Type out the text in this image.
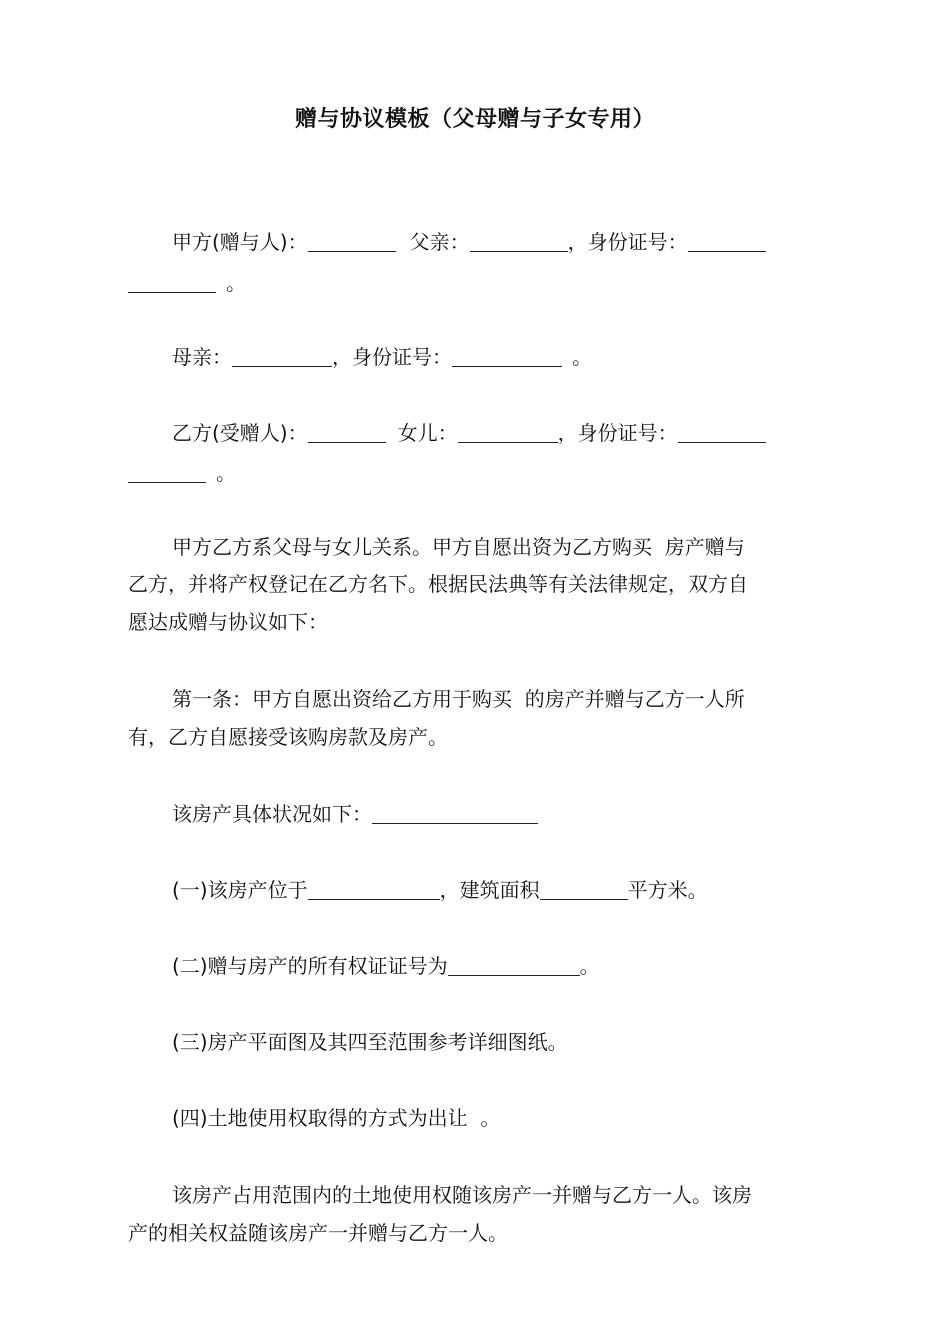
赠与协议模板（父母赠与子女专用）
甲方(赠与人)：	父亲：	，身份证号：
。
母亲：	，身份证号：	。
乙方(受赠人)：	女儿：	，身份证号：
。
甲方乙方系父母与女儿关系。甲方自愿出资为乙方购买  房产赠与
乙方，并将产权登记在乙方名下。根据民法典等有关法律规定，双方自
愿达成赠与协议如下：
第一条：甲方自愿出资给乙方用于购买  的房产并赠与乙方一人所
有，乙方自愿接受该购房款及房产。
该房产具体状况如下：
(一)该房产位于	，建筑面积	平方米。
(二)赠与房产的所有权证证号为	。
(三)房产平面图及其四至范围参考详细图纸。
(四)土地使用权取得的方式为出让  。
该房产占用范围内的土地使用权随该房产一并赠与乙方一人。该房
产的相关权益随该房产一并赠与乙方一人。
